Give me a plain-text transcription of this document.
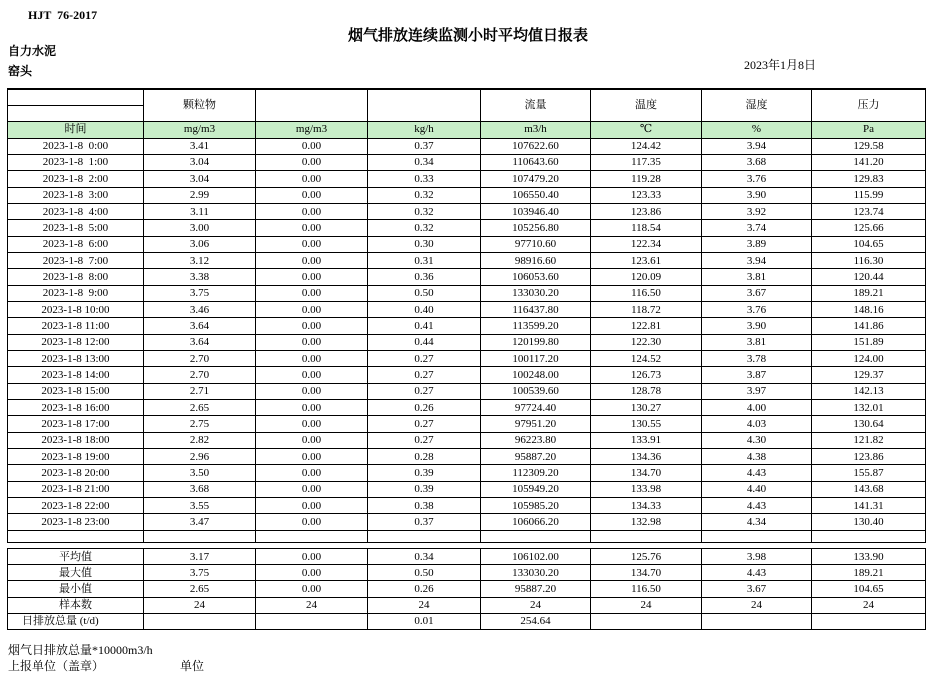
HJT  76-2017
烟气排放连续监测小时平均值日报表
自力水泥
窑头	2023年1月8日
	颗粒物			流量	温度	湿度	压力

时间	mg/m3	mg/m3	kg/h	m3/h	℃	%	Pa
2023-1-8  0:00	3.41	0.00	0.37	107622.60	124.42	3.94	129.58
2023-1-8  1:00	3.04	0.00	0.34	110643.60	117.35	3.68	141.20
2023-1-8  2:00	3.04	0.00	0.33	107479.20	119.28	3.76	129.83
2023-1-8  3:00	2.99	0.00	0.32	106550.40	123.33	3.90	115.99
2023-1-8  4:00	3.11	0.00	0.32	103946.40	123.86	3.92	123.74
2023-1-8  5:00	3.00	0.00	0.32	105256.80	118.54	3.74	125.66
2023-1-8  6:00	3.06	0.00	0.30	97710.60	122.34	3.89	104.65
2023-1-8  7:00	3.12	0.00	0.31	98916.60	123.61	3.94	116.30
2023-1-8  8:00	3.38	0.00	0.36	106053.60	120.09	3.81	120.44
2023-1-8  9:00	3.75	0.00	0.50	133030.20	116.50	3.67	189.21
2023-1-8 10:00	3.46	0.00	0.40	116437.80	118.72	3.76	148.16
2023-1-8 11:00	3.64	0.00	0.41	113599.20	122.81	3.90	141.86
2023-1-8 12:00	3.64	0.00	0.44	120199.80	122.30	3.81	151.89
2023-1-8 13:00	2.70	0.00	0.27	100117.20	124.52	3.78	124.00
2023-1-8 14:00	2.70	0.00	0.27	100248.00	126.73	3.87	129.37
2023-1-8 15:00	2.71	0.00	0.27	100539.60	128.78	3.97	142.13
2023-1-8 16:00	2.65	0.00	0.26	97724.40	130.27	4.00	132.01
2023-1-8 17:00	2.75	0.00	0.27	97951.20	130.55	4.03	130.64
2023-1-8 18:00	2.82	0.00	0.27	96223.80	133.91	4.30	121.82
2023-1-8 19:00	2.96	0.00	0.28	95887.20	134.36	4.38	123.86
2023-1-8 20:00	3.50	0.00	0.39	112309.20	134.70	4.43	155.87
2023-1-8 21:00	3.68	0.00	0.39	105949.20	133.98	4.40	143.68
2023-1-8 22:00	3.55	0.00	0.38	105985.20	134.33	4.43	141.31
2023-1-8 23:00	3.47	0.00	0.37	106066.20	132.98	4.34	130.40

平均值	3.17	0.00	0.34	106102.00	125.76	3.98	133.90
最大值	3.75	0.00	0.50	133030.20	134.70	4.43	189.21
最小值	2.65	0.00	0.26	95887.20	116.50	3.67	104.65
样本数	24	24	24	24	24	24	24
日排放总量 (t/d)			0.01	254.64			
烟气日排放总量*10000m3/h
上报单位（盖章）	单位
